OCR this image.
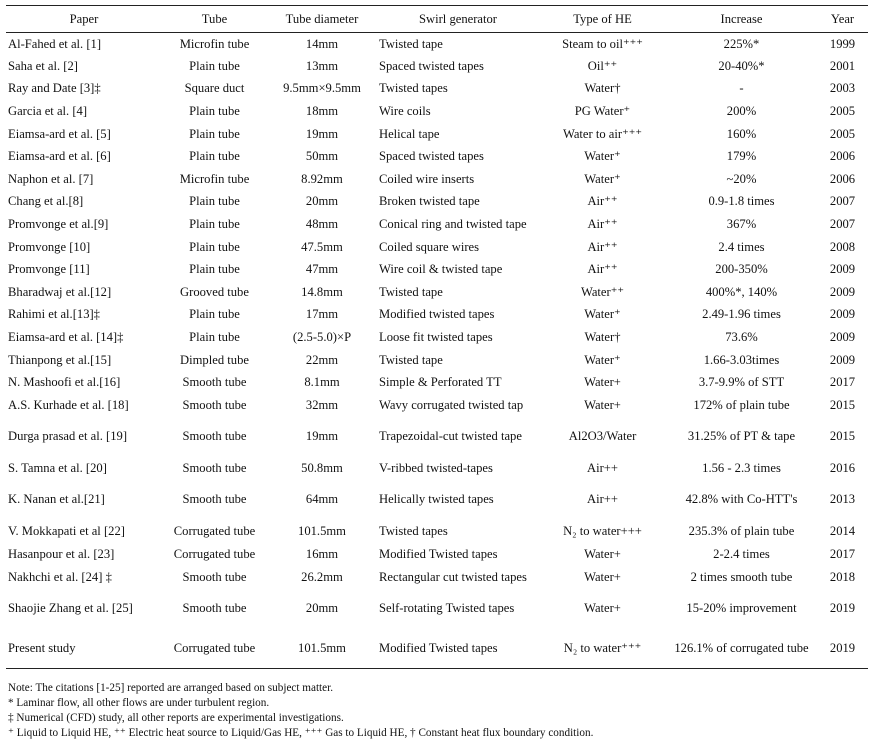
Paper	Tube	Tube diameter	Swirl generator	Type of HE	Increase	Year
Al-Fahed et al. [1]	Microfin tube	14mm	Twisted tape	Steam to oil⁺⁺⁺	225%*	1999
Saha et al. [2]	Plain tube	13mm	Spaced twisted tapes	Oil⁺⁺	20-40%*	2001
Ray and Date [3]‡	Square duct	9.5mm×9.5mm	Twisted tapes	Water†	-	2003
Garcia et al. [4]	Plain tube	18mm	Wire coils	PG Water⁺	200%	2005
Eiamsa-ard et al. [5]	Plain tube	19mm	Helical tape	Water to air⁺⁺⁺	160%	2005
Eiamsa-ard et al. [6]	Plain tube	50mm	Spaced twisted tapes	Water⁺	179%	2006
Naphon et al. [7]	Microfin tube	8.92mm	Coiled wire inserts	Water⁺	~20%	2006
Chang et al.[8]	Plain tube	20mm	Broken twisted tape	Air⁺⁺	0.9-1.8 times	2007
Promvonge et al.[9]	Plain tube	48mm	Conical ring and twisted tape	Air⁺⁺	367%	2007
Promvonge [10]	Plain tube	47.5mm	Coiled square wires	Air⁺⁺	2.4 times	2008
Promvonge [11]	Plain tube	47mm	Wire coil & twisted tape	Air⁺⁺	200-350%	2009
Bharadwaj et al.[12]	Grooved tube	14.8mm	Twisted tape	Water⁺⁺	400%*, 140%	2009
Rahimi et al.[13]‡	Plain tube	17mm	Modified twisted tapes	Water⁺	2.49-1.96 times	2009
Eiamsa-ard et al. [14]‡	Plain tube	(2.5-5.0)×P	Loose fit twisted tapes	Water†	73.6%	2009
Thianpong et al.[15]	Dimpled tube	22mm	Twisted tape	Water⁺	1.66-3.03times	2009
N. Mashoofi et al.[16]	Smooth tube	8.1mm	Simple & Perforated TT	Water+	3.7-9.9% of STT	2017
A.S. Kurhade et al. [18]	Smooth tube	32mm	Wavy corrugated twisted tap	Water+	172% of plain tube	2015
Durga prasad et al. [19]	Smooth tube	19mm	Trapezoidal-cut twisted tape	Al2O3/Water	31.25% of PT & tape	2015
S. Tamna et al. [20]	Smooth tube	50.8mm	V-ribbed twisted-tapes	Air++	1.56 - 2.3 times	2016
K. Nanan et al.[21]	Smooth tube	64mm	Helically twisted tapes	Air++	42.8% with Co-HTT's	2013
V. Mokkapati et al [22]	Corrugated tube	101.5mm	Twisted tapes	N₂ to water+++	235.3% of plain tube	2014
Hasanpour et al. [23]	Corrugated tube	16mm	Modified Twisted tapes	Water+	2-2.4 times	2017
Nakhchi et al. [24] ‡	Smooth tube	26.2mm	Rectangular cut twisted tapes	Water+	2 times smooth tube	2018
Shaojie Zhang et al. [25]	Smooth tube	20mm	Self-rotating Twisted tapes	Water+	15-20% improvement	2019
Present study	Corrugated tube	101.5mm	Modified Twisted tapes	N₂ to water⁺⁺⁺	126.1% of corrugated tube	2019
Note: The citations [1-25] reported are arranged based on subject matter.
* Laminar flow, all other flows are under turbulent region.
‡ Numerical (CFD) study, all other reports are experimental investigations.
⁺ Liquid to Liquid HE, ⁺⁺ Electric heat source to Liquid/Gas HE, ⁺⁺⁺ Gas to Liquid HE, † Constant heat flux boundary condition.
